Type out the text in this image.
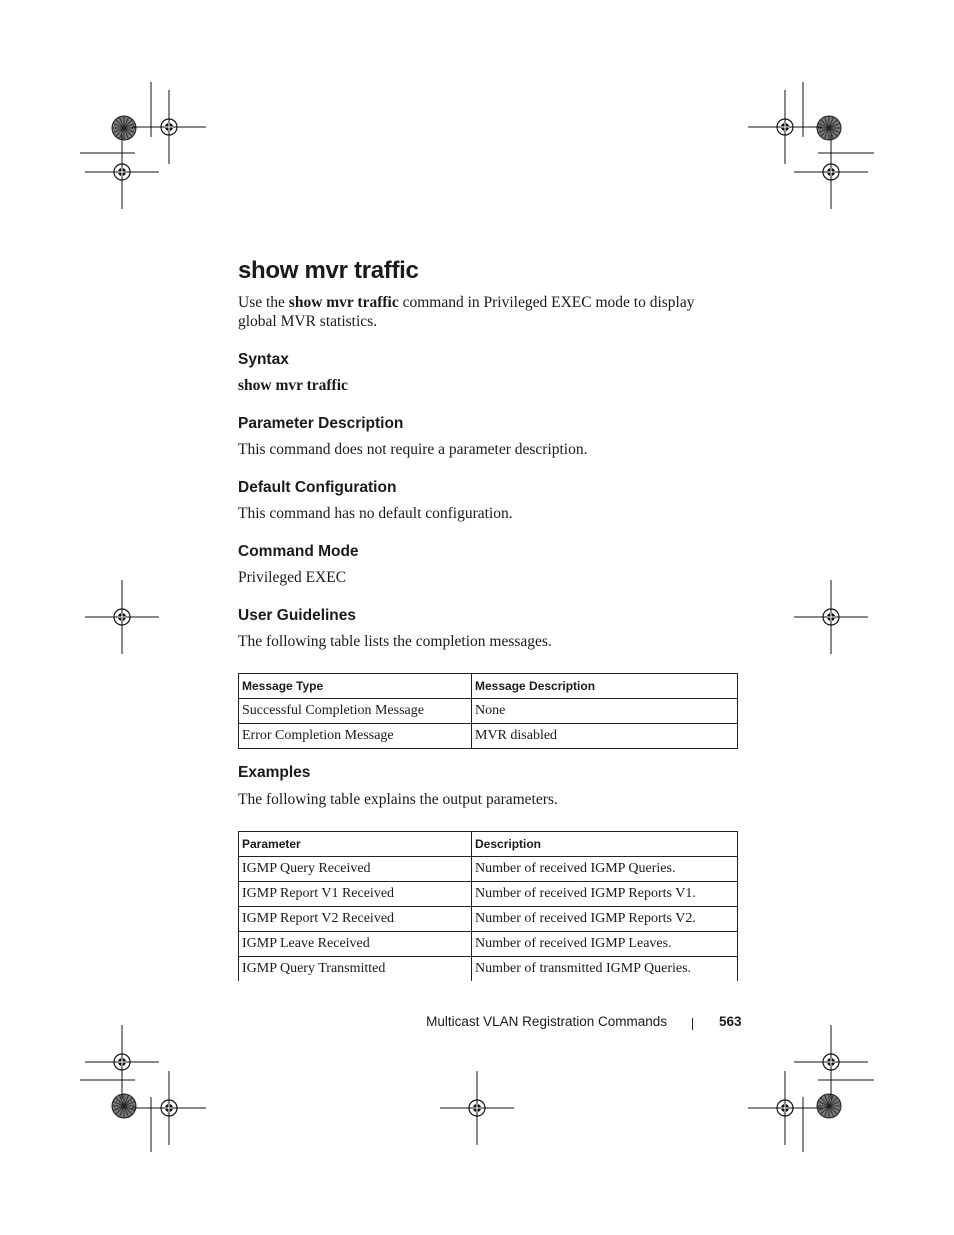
show mvr traffic

Use the show mvr traffic command in Privileged EXEC mode to display
global MVR statistics.

Syntax

show mvr traffic

Parameter Description

This command does not require a parameter description.

Default Configuration

This command has no default configuration.

Command Mode

Privileged EXEC

User Guidelines

The following table lists the completion messages.

Message Type	Message Description
Successful Completion Message	None
Error Completion Message	MVR disabled
Examples

The following table explains the output parameters.

Parameter	Description
IGMP Query Received	Number of received IGMP Queries.
IGMP Report V1 Received	Number of received IGMP Reports V1.
IGMP Report V2 Received	Number of received IGMP Reports V2.
IGMP Leave Received	Number of received IGMP Leaves.
IGMP Query Transmitted	Number of transmitted IGMP Queries.
Multicast VLAN Registration Commands	563
